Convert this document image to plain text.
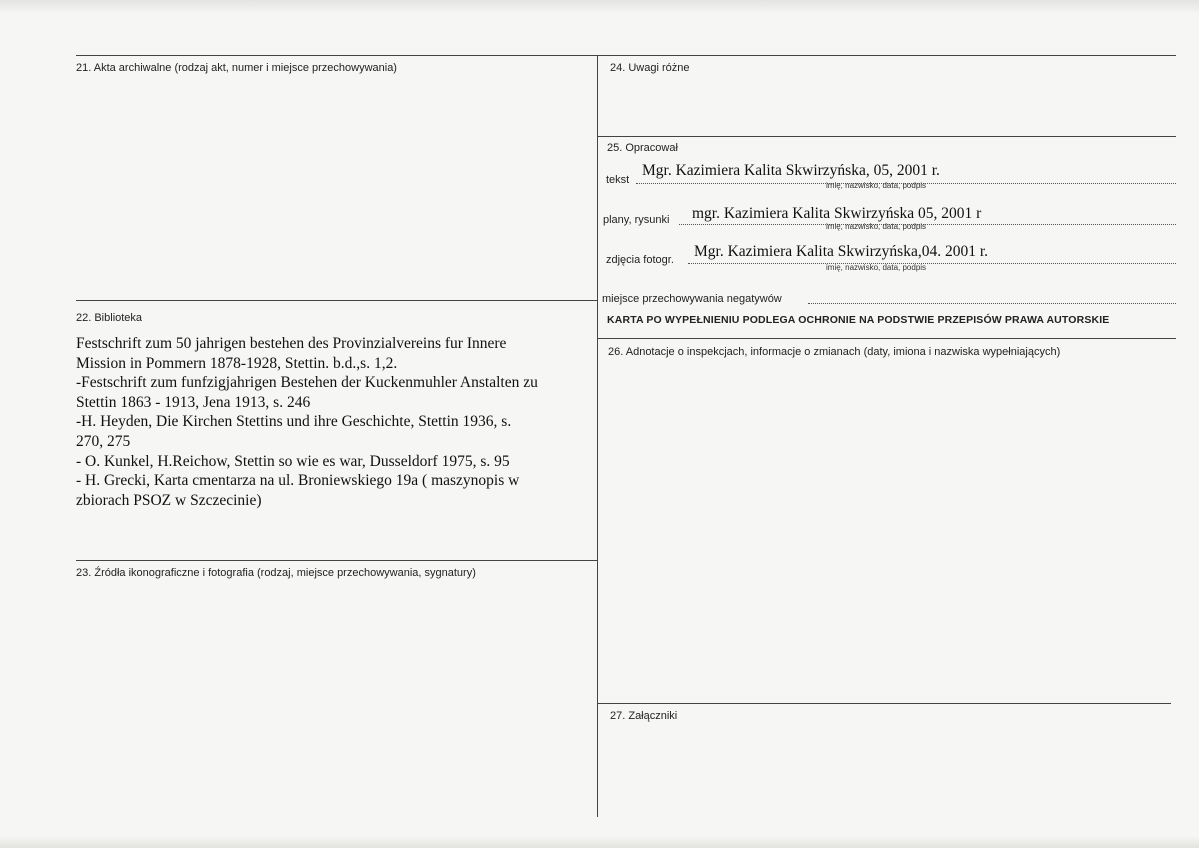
21. Akta archiwalne (rodzaj akt, numer i miejsce przechowywania)
22. Biblioteka
Festschrift zum 50 jahrigen bestehen des Provinzialvereins fur Innere
Mission in Pommern 1878-1928, Stettin. b.d.,s. 1,2.
-Festschrift zum funfzigjahrigen Bestehen der Kuckenmuhler Anstalten zu
Stettin 1863 - 1913, Jena 1913, s. 246
-H. Heyden, Die Kirchen Stettins und ihre Geschichte, Stettin 1936, s.
270, 275
- O. Kunkel, H.Reichow, Stettin so wie es war, Dusseldorf 1975, s. 95
- H. Grecki, Karta cmentarza na ul. Broniewskiego 19a ( maszynopis w
zbiorach PSOZ w Szczecinie)
23. Źródła ikonograficzne i fotografia (rodzaj, miejsce przechowywania, sygnatury)
24. Uwagi różne
25. Opracował
tekst
Mgr. Kazimiera Kalita Skwirzyńska, 05, 2001 r.
imię, nazwisko, data, podpis
plany, rysunki mgr. Kazimiera Kalita Skwirzyńska 05, 2001 r
imię, nazwisko, data, podpis
zdjęcia fotogr. Mgr. Kazimiera Kalita Skwirzyńska,04. 2001 r.
imię, nazwisko, data, podpis
miejsce przechowywania negatywów
KARTA PO WYPEŁNIENIU PODLEGA OCHRONIE NA PODSTWIE PRZEPISÓW PRAWA AUTORSKIE
26. Adnotacje o inspekcjach, informacje o zmianach (daty, imiona i nazwiska wypełniających)
27. Załączniki
